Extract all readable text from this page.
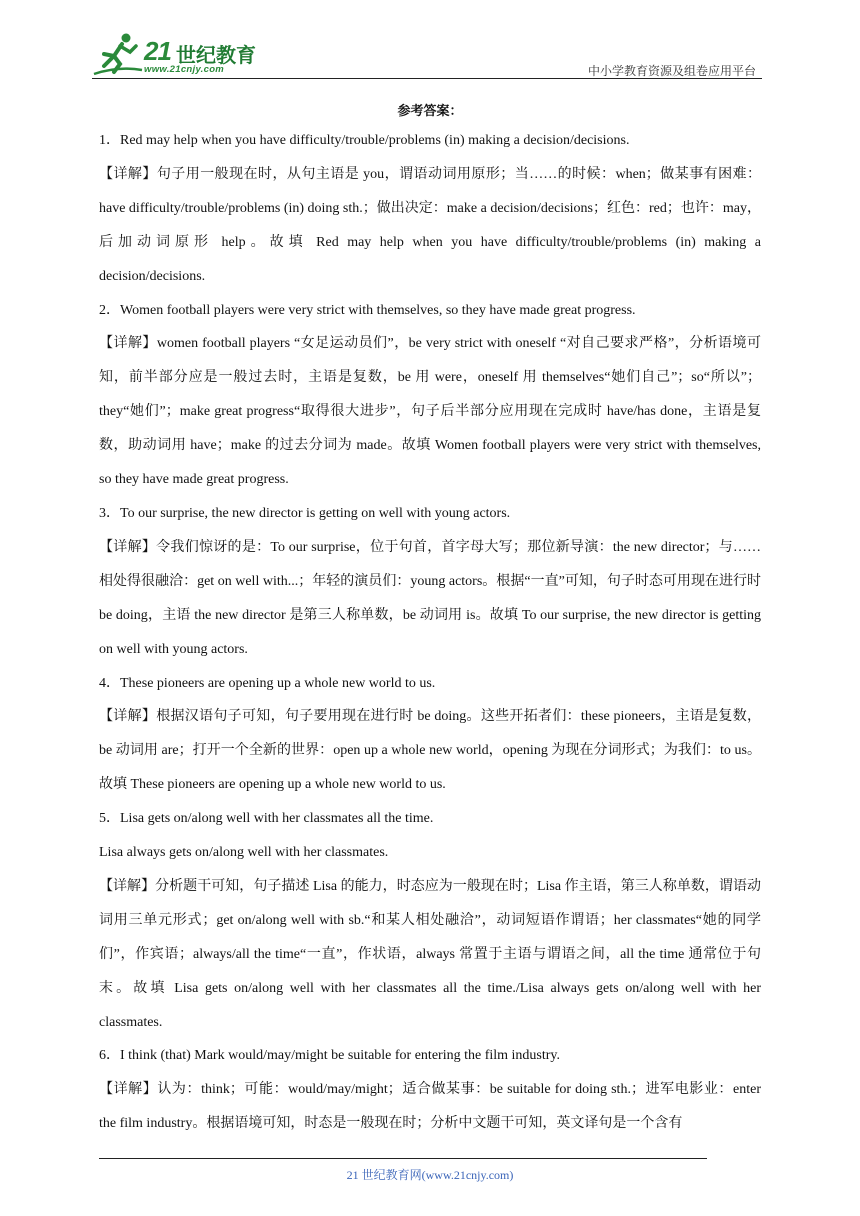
21 世纪教育
www.21cnjy.com	中小学教育资源及组卷应用平台
参考答案：

1．Red may help when you have difficulty/trouble/problems (in) making a decision/decisions.

【详解】句子用一般现在时，从句主语是 you，谓语动词用原形；当……的时候：when；做某事有困难：have difficulty/trouble/problems (in) doing sth.；做出决定：make a decision/decisions；红色：red；也许：may，后加动词原形 help。故填 Red may help when you have difficulty/trouble/problems (in) making a decision/decisions.

2．Women football players were very strict with themselves, so they have made great progress.

【详解】women football players “女足运动员们”，be very strict with oneself “对自己要求严格”，分析语境可知，前半部分应是一般过去时，主语是复数，be 用 were，oneself 用 themselves“她们自己”；so“所以”；they“她们”；make great progress“取得很大进步”，句子后半部分应用现在完成时 have/has done，主语是复数，助动词用 have；make 的过去分词为 made。故填 Women football players were very strict with themselves, so they have made great progress.

3．To our surprise, the new director is getting on well with young actors.

【详解】令我们惊讶的是：To our surprise，位于句首，首字母大写；那位新导演：the new director；与……相处得很融洽：get on well with...；年轻的演员们：young actors。根据“一直”可知，句子时态可用现在进行时 be doing，主语 the new director 是第三人称单数，be 动词用 is。故填 To our surprise, the new director is getting on well with young actors.

4．These pioneers are opening up a whole new world to us.

【详解】根据汉语句子可知，句子要用现在进行时 be doing。这些开拓者们：these pioneers，主语是复数，be 动词用 are；打开一个全新的世界：open up a whole new world，opening 为现在分词形式；为我们：to us。故填 These pioneers are opening up a whole new world to us.

5．Lisa gets on/along well with her classmates all the time.

Lisa always gets on/along well with her classmates.

【详解】分析题干可知，句子描述 Lisa 的能力，时态应为一般现在时；Lisa 作主语，第三人称单数，谓语动词用三单元形式；get on/along well with sb.“和某人相处融洽”，动词短语作谓语；her classmates“她的同学们”，作宾语；always/all the time“一直”，作状语，always 常置于主语与谓语之间，all the time 通常位于句末。故填 Lisa gets on/along well with her classmates all the time./Lisa always gets on/along well with her classmates.

6．I think (that) Mark would/may/might be suitable for entering the film industry.

【详解】认为：think；可能：would/may/might；适合做某事：be suitable for doing sth.；进军电影业：enter the film industry。根据语境可知，时态是一般现在时；分析中文题干可知，英文译句是一个含有

21 世纪教育网(www.21cnjy.com)
